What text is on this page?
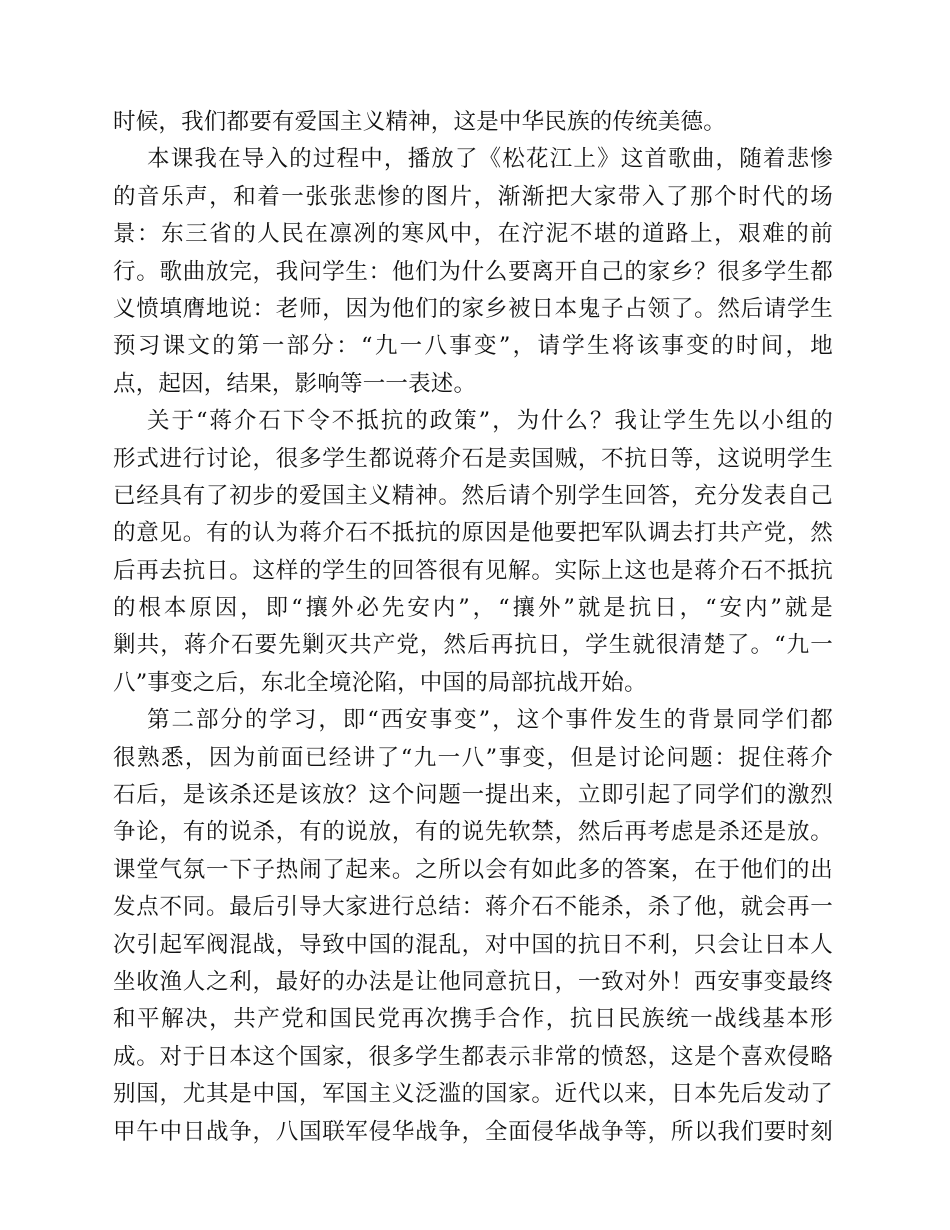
时候，我们都要有爱国主义精神，这是中华民族的传统美德。
本课我在导入的过程中，播放了《松花江上》这首歌曲，随着悲惨
的音乐声，和着一张张悲惨的图片，渐渐把大家带入了那个时代的场
景：东三省的人民在凛冽的寒风中，在泞泥不堪的道路上，艰难的前
行。歌曲放完，我问学生：他们为什么要离开自己的家乡？很多学生都
义愤填膺地说：老师，因为他们的家乡被日本鬼子占领了。然后请学生
预习课文的第一部分：“九一八事变”，请学生将该事变的时间，地
点，起因，结果，影响等一一表述。
关于“蒋介石下令不抵抗的政策”，为什么？我让学生先以小组的
形式进行讨论，很多学生都说蒋介石是卖国贼，不抗日等，这说明学生
已经具有了初步的爱国主义精神。然后请个别学生回答，充分发表自己
的意见。有的认为蒋介石不抵抗的原因是他要把军队调去打共产党，然
后再去抗日。这样的学生的回答很有见解。实际上这也是蒋介石不抵抗
的根本原因，即“攘外必先安内”，“攘外”就是抗日，“安内”就是
剿共，蒋介石要先剿灭共产党，然后再抗日，学生就很清楚了。“九一
八”事变之后，东北全境沦陷，中国的局部抗战开始。
第二部分的学习，即“西安事变”，这个事件发生的背景同学们都
很熟悉，因为前面已经讲了“九一八”事变，但是讨论问题：捉住蒋介
石后，是该杀还是该放？这个问题一提出来，立即引起了同学们的激烈
争论，有的说杀，有的说放，有的说先软禁，然后再考虑是杀还是放。
课堂气氛一下子热闹了起来。之所以会有如此多的答案，在于他们的出
发点不同。最后引导大家进行总结：蒋介石不能杀，杀了他，就会再一
次引起军阀混战，导致中国的混乱，对中国的抗日不利，只会让日本人
坐收渔人之利，最好的办法是让他同意抗日，一致对外！西安事变最终
和平解决，共产党和国民党再次携手合作，抗日民族统一战线基本形
成。对于日本这个国家，很多学生都表示非常的愤怒，这是个喜欢侵略
别国，尤其是中国，军国主义泛滥的国家。近代以来，日本先后发动了
甲午中日战争，八国联军侵华战争，全面侵华战争等，所以我们要时刻
